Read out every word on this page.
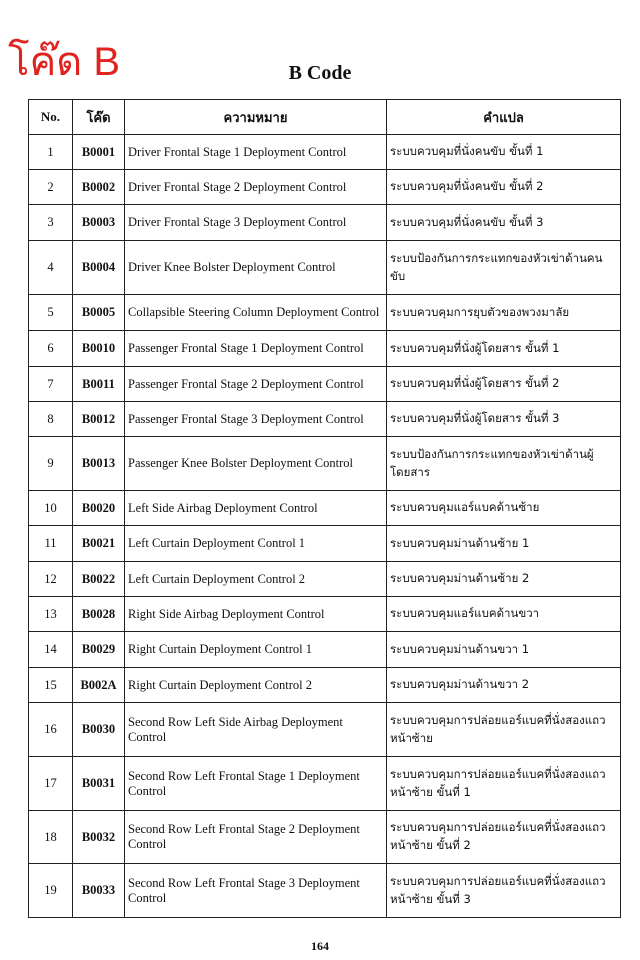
โค๊ด B	B Code
No.	โค๊ด	ความหมาย	คำแปล
1	B0001	Driver Frontal Stage 1 Deployment Control	ระบบควบคุมที่นั่งคนขับ ขั้นที่ 1
2	B0002	Driver Frontal Stage 2 Deployment Control	ระบบควบคุมที่นั่งคนขับ ขั้นที่ 2
3	B0003	Driver Frontal Stage 3 Deployment Control	ระบบควบคุมที่นั่งคนขับ ขั้นที่ 3
4	B0004	Driver Knee Bolster Deployment Control	ระบบป้องกันการกระแทกของหัวเข่าด้านคนขับ
5	B0005	Collapsible Steering Column Deployment Control	ระบบควบคุมการยุบตัวของพวงมาลัย
6	B0010	Passenger Frontal Stage 1 Deployment Control	ระบบควบคุมที่นั่งผู้โดยสาร ขั้นที่ 1
7	B0011	Passenger Frontal Stage 2 Deployment Control	ระบบควบคุมที่นั่งผู้โดยสาร ขั้นที่ 2
8	B0012	Passenger Frontal Stage 3 Deployment Control	ระบบควบคุมที่นั่งผู้โดยสาร ขั้นที่ 3
9	B0013	Passenger Knee Bolster Deployment Control	ระบบป้องกันการกระแทกของหัวเข่าด้านผู้โดยสาร
10	B0020	Left Side Airbag Deployment Control	ระบบควบคุมแอร์แบคด้านซ้าย
11	B0021	Left Curtain Deployment Control 1	ระบบควบคุมม่านด้านซ้าย 1
12	B0022	Left Curtain Deployment Control 2	ระบบควบคุมม่านด้านซ้าย 2
13	B0028	Right Side Airbag Deployment Control	ระบบควบคุมแอร์แบคด้านขวา
14	B0029	Right Curtain Deployment Control 1	ระบบควบคุมม่านด้านขวา 1
15	B002A	Right Curtain Deployment Control 2	ระบบควบคุมม่านด้านขวา 2
16	B0030	Second Row Left Side Airbag Deployment Control	ระบบควบคุมการปล่อยแอร์แบคที่นั่งสองแถวหน้าซ้าย
17	B0031	Second Row Left Frontal Stage 1 Deployment Control	ระบบควบคุมการปล่อยแอร์แบคที่นั่งสองแถวหน้าซ้าย ขั้นที่ 1
18	B0032	Second Row Left Frontal Stage 2 Deployment Control	ระบบควบคุมการปล่อยแอร์แบคที่นั่งสองแถวหน้าซ้าย ขั้นที่ 2
19	B0033	Second Row Left Frontal Stage 3 Deployment Control	ระบบควบคุมการปล่อยแอร์แบคที่นั่งสองแถวหน้าซ้าย ขั้นที่ 3
164
